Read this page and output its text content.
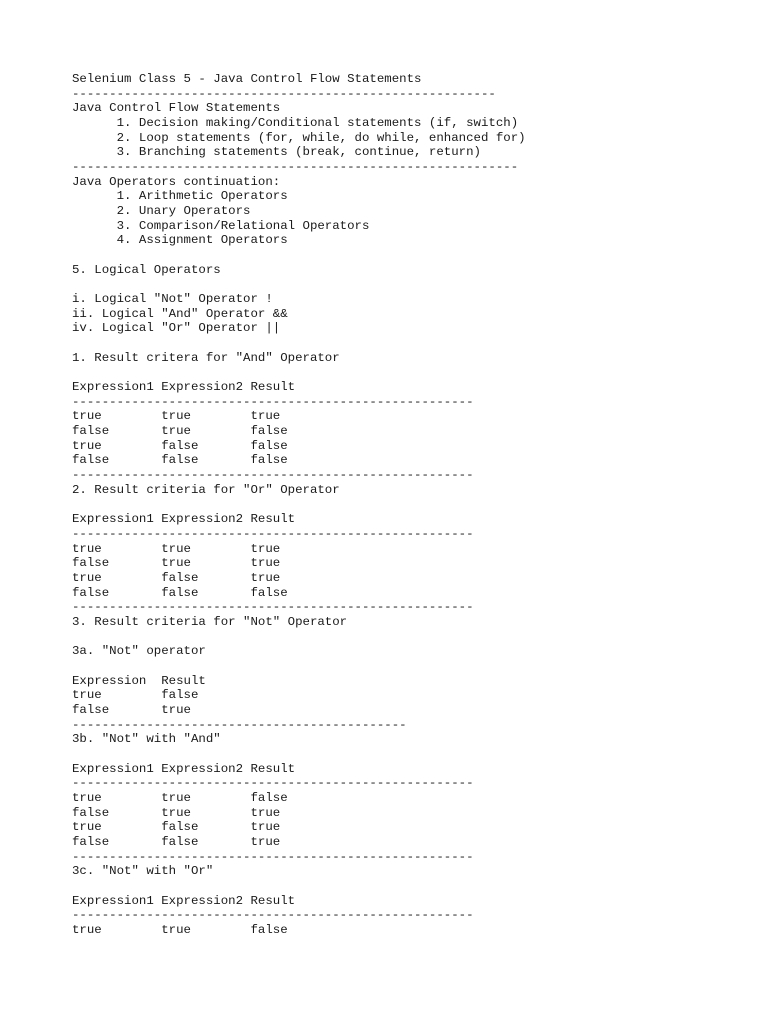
Selenium Class 5 - Java Control Flow Statements
---------------------------------------------------------
Java Control Flow Statements
1. Decision making/Conditional statements (if, switch)
2. Loop statements (for, while, do while, enhanced for)
3. Branching statements (break, continue, return)
------------------------------------------------------------
Java Operators continuation:
1. Arithmetic Operators
2. Unary Operators
3. Comparison/Relational Operators
4. Assignment Operators
5. Logical Operators
i. Logical "Not" Operator !
ii. Logical "And" Operator &&
iv. Logical "Or" Operator ||
1. Result critera for "And" Operator
Expression1 Expression2 Result
------------------------------------------------------
true        true        true
false       true        false
true        false       false
false       false       false
------------------------------------------------------
2. Result criteria for "Or" Operator
Expression1 Expression2 Result
------------------------------------------------------
true        true        true
false       true        true
true        false       true
false       false       false
------------------------------------------------------
3. Result criteria for "Not" Operator
3a. "Not" operator
Expression  Result
true        false
false       true
---------------------------------------------
3b. "Not" with "And"
Expression1 Expression2 Result
------------------------------------------------------
true        true        false
false       true        true
true        false       true
false       false       true
------------------------------------------------------
3c. "Not" with "Or"
Expression1 Expression2 Result
------------------------------------------------------
true        true        false
